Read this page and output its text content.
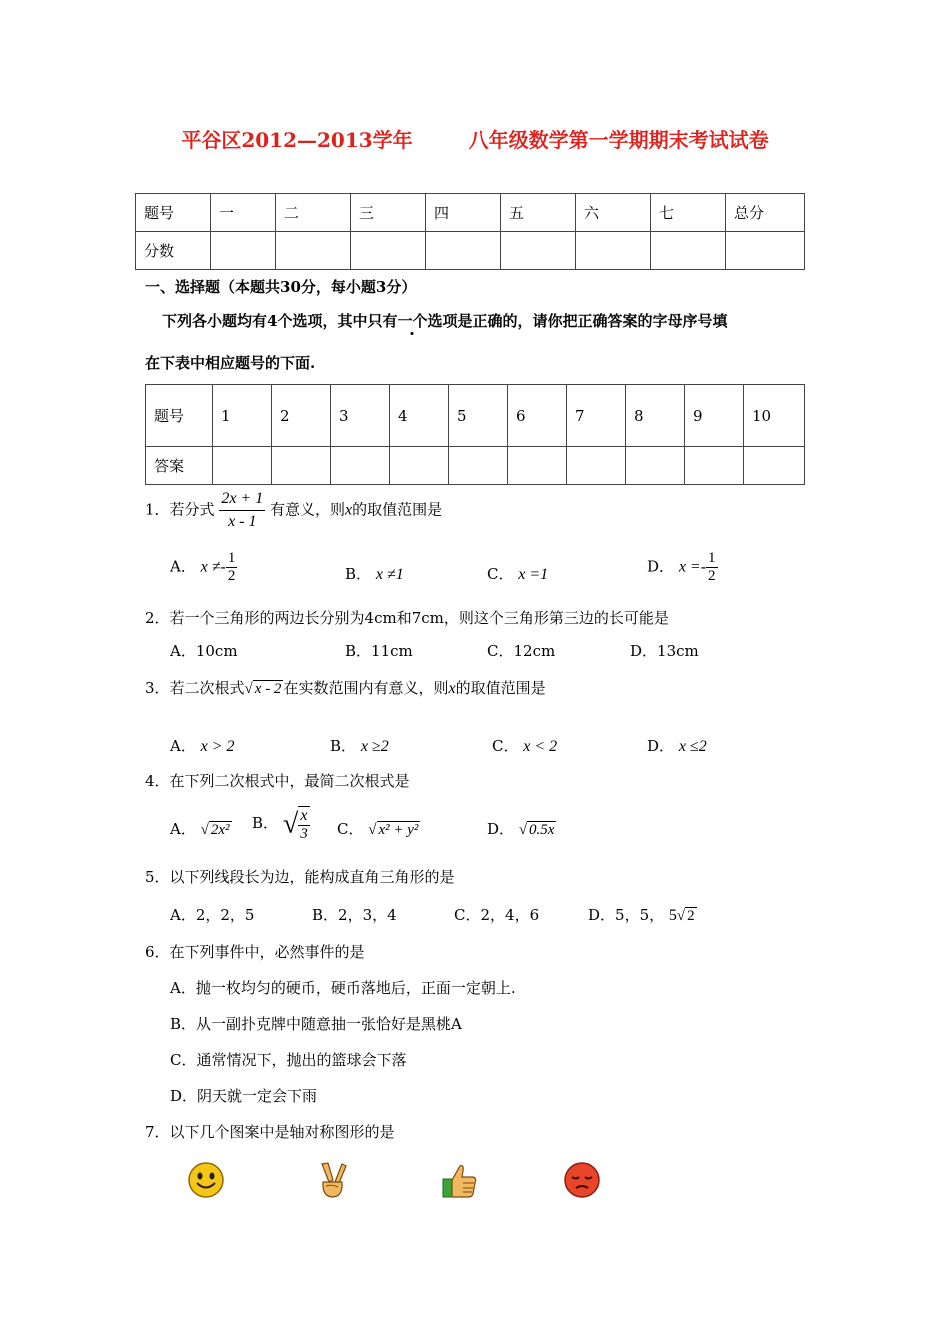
平谷区2012—2013学年	八年级数学第一学期期末考试试卷
题号	一	二	三	四	五	六	七	总分
分数								
一、选择题（本题共30分，每小题3分）
下列各小题均有4个选项，其中只有一个选项是正确的，请你把正确答案的字母序号填
在下表中相应题号的下面.
题号	1	2	3	4	5	6	7	8	9	10
答案										
1．若分式 $\frac{2x + 1}{x - 1}$ 有意义，则x的取值范围是
A． $x \ne- \frac{1}{2}$	B． x ≠1	C． x =1	D． $x =- \frac{1}{2}$
2．若一个三角形的两边长分别为4cm和7cm，则这个三角形第三边的长可能是
A．10cm	B．11cm	C．12cm	D．13cm
3．若二次根式√ x - 2 在实数范围内有意义，则x的取值范围是
A． x > 2	B． x ≥2	C． x < 2	D． x ≤2
4．在下列二次根式中，最简二次根式是
A． √ 2x² B． √ $\frac{x}{3}$ C． √ x² + y²	D． √ 0.5x
5．以下列线段长为边，能构成直角三角形的是
A．2，2，5	B．2，3，4	C．2，4，6	D．5，5， 5√ 2
6．在下列事件中，必然事件的是
A．抛一枚均匀的硬币，硬币落地后，正面一定朝上.
B．从一副扑克牌中随意抽一张恰好是黑桃A
C．通常情况下，抛出的篮球会下落
D．阴天就一定会下雨
7．以下几个图案中是轴对称图形的是
